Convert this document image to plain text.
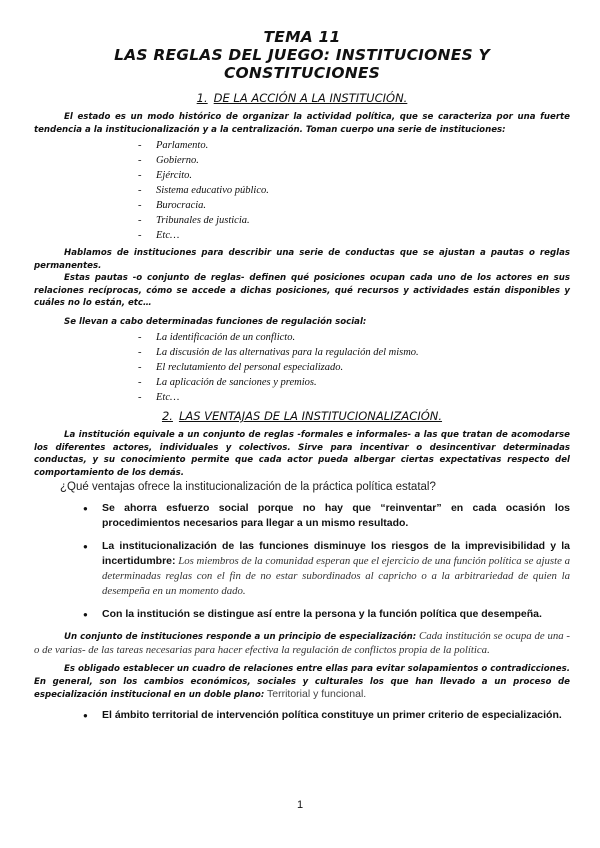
TEMA 11
LAS REGLAS DEL JUEGO: INSTITUCIONES Y CONSTITUCIONES
1. DE LA ACCIÓN A LA INSTITUCIÓN.

El estado es un modo histórico de organizar la actividad política, que se caracteriza por una fuerte tendencia a la institucionalización y a la centralización. Toman cuerpo una serie de instituciones:

- Parlamento.
- Gobierno.
- Ejército.
- Sistema educativo público.
- Burocracia.
- Tribunales de justicia.
- Etc…

Hablamos de instituciones para describir una serie de conductas que se ajustan a pautas o reglas permanentes.

Estas pautas -o conjunto de reglas- definen qué posiciones ocupan cada uno de los actores en sus relaciones recíprocas, cómo se accede a dichas posiciones, qué recursos y actividades están disponibles y cuáles no lo están, etc…

Se llevan a cabo determinadas funciones de regulación social:

- La identificación de un conflicto.
- La discusión de las alternativas para la regulación del mismo.
- El reclutamiento del personal especializado.
- La aplicación de sanciones y premios.
- Etc…
2. LAS VENTAJAS DE LA INSTITUCIONALIZACIÓN.

La institución equivale a un conjunto de reglas -formales e informales- a las que tratan de acomodarse los diferentes actores, individuales y colectivos. Sirve para incentivar o desincentivar determinadas conductas, y su conocimiento permite que cada actor pueda albergar ciertas expectativas respecto del comportamiento de los demás.

¿Qué ventajas ofrece la institucionalización de la práctica política estatal?
● Se ahorra esfuerzo social porque no hay que “reinventar” en cada ocasión los procedimientos necesarios para llegar a un mismo resultado.
● La institucionalización de las funciones disminuye los riesgos de la imprevisibilidad y la incertidumbre: Los miembros de la comunidad esperan que el ejercicio de una función política se ajuste a determinadas reglas con el fin de no estar subordinados al capricho o a la arbitrariedad de quien la desempeña en un momento dado.
● Con la institución se distingue así entre la persona y la función política que desempeña.

Un conjunto de instituciones responde a un principio de especialización: Cada institución se ocupa de una -o de varias- de las tareas necesarias para hacer efectiva la regulación de conflictos propia de la política.

Es obligado establecer un cuadro de relaciones entre ellas para evitar solapamientos o contradicciones. En general, son los cambios económicos, sociales y culturales los que han llevado a un proceso de especialización institucional en un doble plano: Territorial y funcional.

● El ámbito territorial de intervención política constituye un primer criterio de especialización.
1
